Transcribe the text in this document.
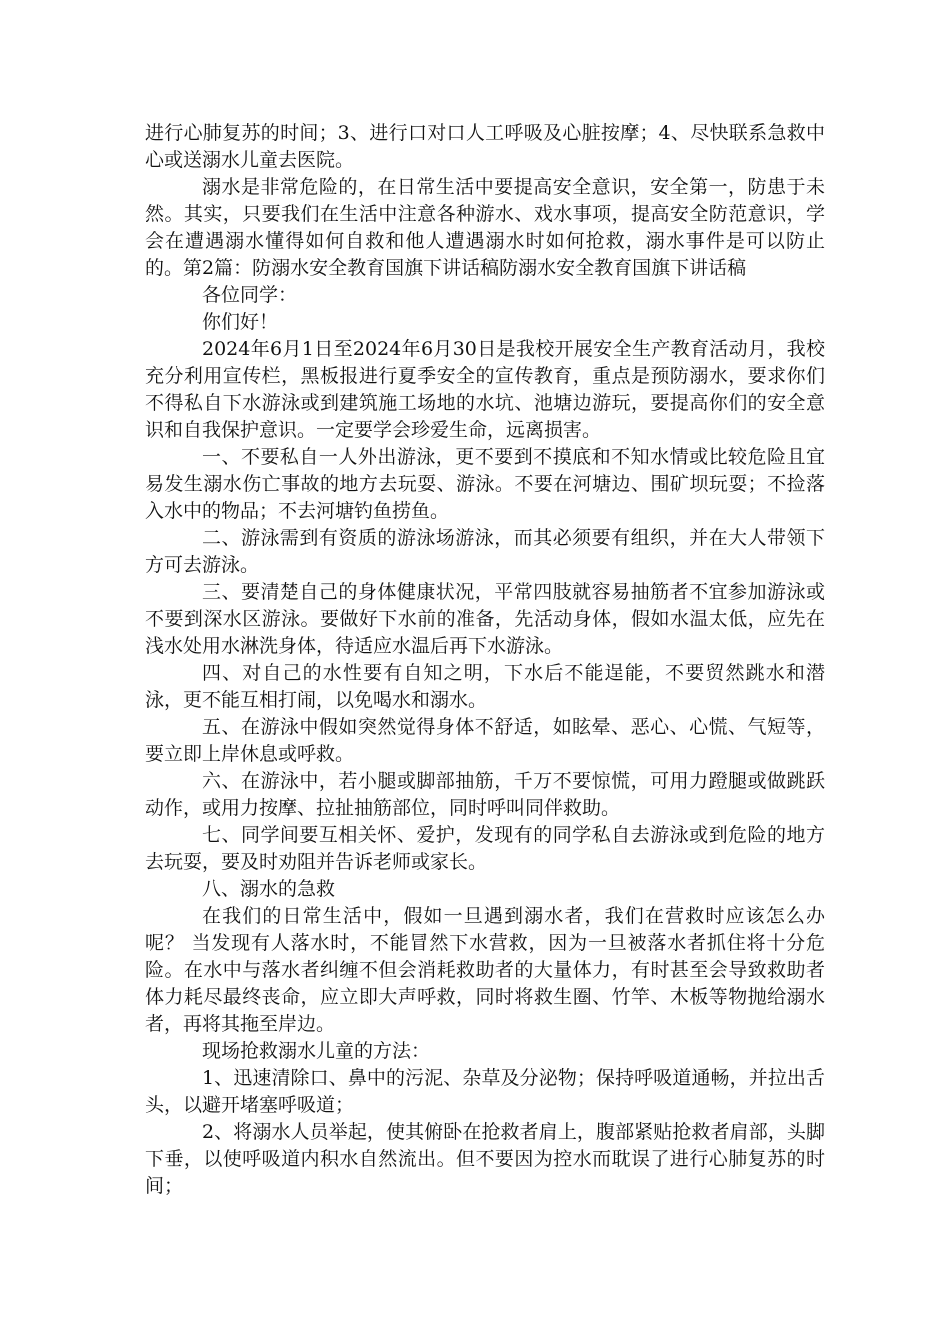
进行心肺复苏的时间；3、进行口对口人工呼吸及心脏按摩；4、尽快联系急救中心或送溺水儿童去医院。

溺水是非常危险的，在日常生活中要提高安全意识，安全第一，防患于未然。其实，只要我们在生活中注意各种游水、戏水事项，提高安全防范意识，学会在遭遇溺水懂得如何自救和他人遭遇溺水时如何抢救，溺水事件是可以防止的。第2篇：防溺水安全教育国旗下讲话稿防溺水安全教育国旗下讲话稿

各位同学：

你们好！

2024年6月1日至2024年6月30日是我校开展安全生产教育活动月，我校充分利用宣传栏，黑板报进行夏季安全的宣传教育，重点是预防溺水，要求你们不得私自下水游泳或到建筑施工场地的水坑、池塘边游玩，要提高你们的安全意识和自我保护意识。一定要学会珍爱生命，远离损害。

一、不要私自一人外出游泳，更不要到不摸底和不知水情或比较危险且宜易发生溺水伤亡事故的地方去玩耍、游泳。不要在河塘边、围矿坝玩耍；不捡落入水中的物品；不去河塘钓鱼捞鱼。

二、游泳需到有资质的游泳场游泳，而其必须要有组织，并在大人带领下方可去游泳。

三、要清楚自己的身体健康状况，平常四肢就容易抽筋者不宜参加游泳或不要到深水区游泳。要做好下水前的准备，先活动身体，假如水温太低，应先在浅水处用水淋洗身体，待适应水温后再下水游泳。

四、对自己的水性要有自知之明，下水后不能逞能，不要贸然跳水和潜泳，更不能互相打闹，以免喝水和溺水。

五、在游泳中假如突然觉得身体不舒适，如眩晕、恶心、心慌、气短等，要立即上岸休息或呼救。

六、在游泳中，若小腿或脚部抽筋，千万不要惊慌，可用力蹬腿或做跳跃动作，或用力按摩、拉扯抽筋部位，同时呼叫同伴救助。

七、同学间要互相关怀、爱护，发现有的同学私自去游泳或到危险的地方去玩耍，要及时劝阻并告诉老师或家长。

八、溺水的急救

在我们的日常生活中，假如一旦遇到溺水者，我们在营救时应该怎么办呢？ 当发现有人落水时，不能冒然下水营救，因为一旦被落水者抓住将十分危险。在水中与落水者纠缠不但会消耗救助者的大量体力，有时甚至会导致救助者体力耗尽最终丧命，应立即大声呼救，同时将救生圈、竹竿、木板等物抛给溺水者，再将其拖至岸边。

现场抢救溺水儿童的方法：

1、迅速清除口、鼻中的污泥、杂草及分泌物；保持呼吸道通畅，并拉出舌头，以避开堵塞呼吸道；

2、将溺水人员举起，使其俯卧在抢救者肩上，腹部紧贴抢救者肩部，头脚下垂，以使呼吸道内积水自然流出。但不要因为控水而耽误了进行心肺复苏的时间；
